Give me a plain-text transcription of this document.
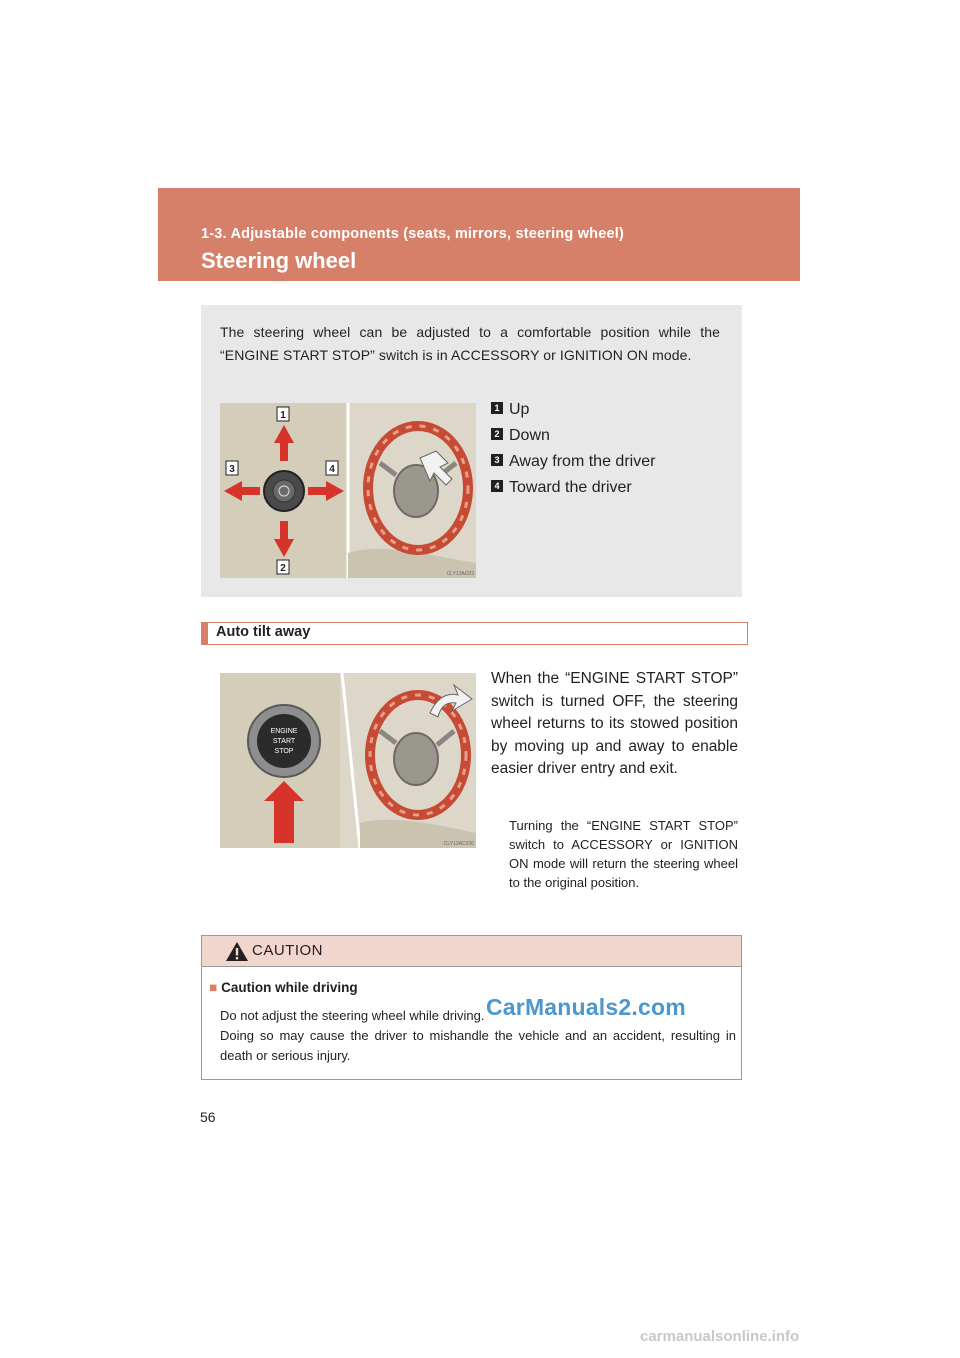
1-3. Adjustable components (seats, mirrors, steering wheel)
Steering wheel
The steering wheel can be adjusted to a comfortable position while the “ENGINE START STOP” switch is in ACCESSORY or IGNITION ON mode.
1
2
3	4
CLY13AC03
1 Up
2 Down
3 Away from the driver
4 Toward the driver
Auto tilt away
ENGINE
START
STOP
CLY13AC030
When the “ENGINE START STOP” switch is turned OFF, the steering wheel returns to its stowed position by moving up and away to enable easier driver entry and exit.
Turning the “ENGINE START STOP” switch to ACCESSORY or IGNITION ON mode will return the steering wheel to the original position.
CAUTION
■ Caution while driving
Do not adjust the steering wheel while driving.
Doing so may cause the driver to mishandle the vehicle and an accident, resulting in death or serious injury.
CarManuals2.com
56
carmanualsonline.info
